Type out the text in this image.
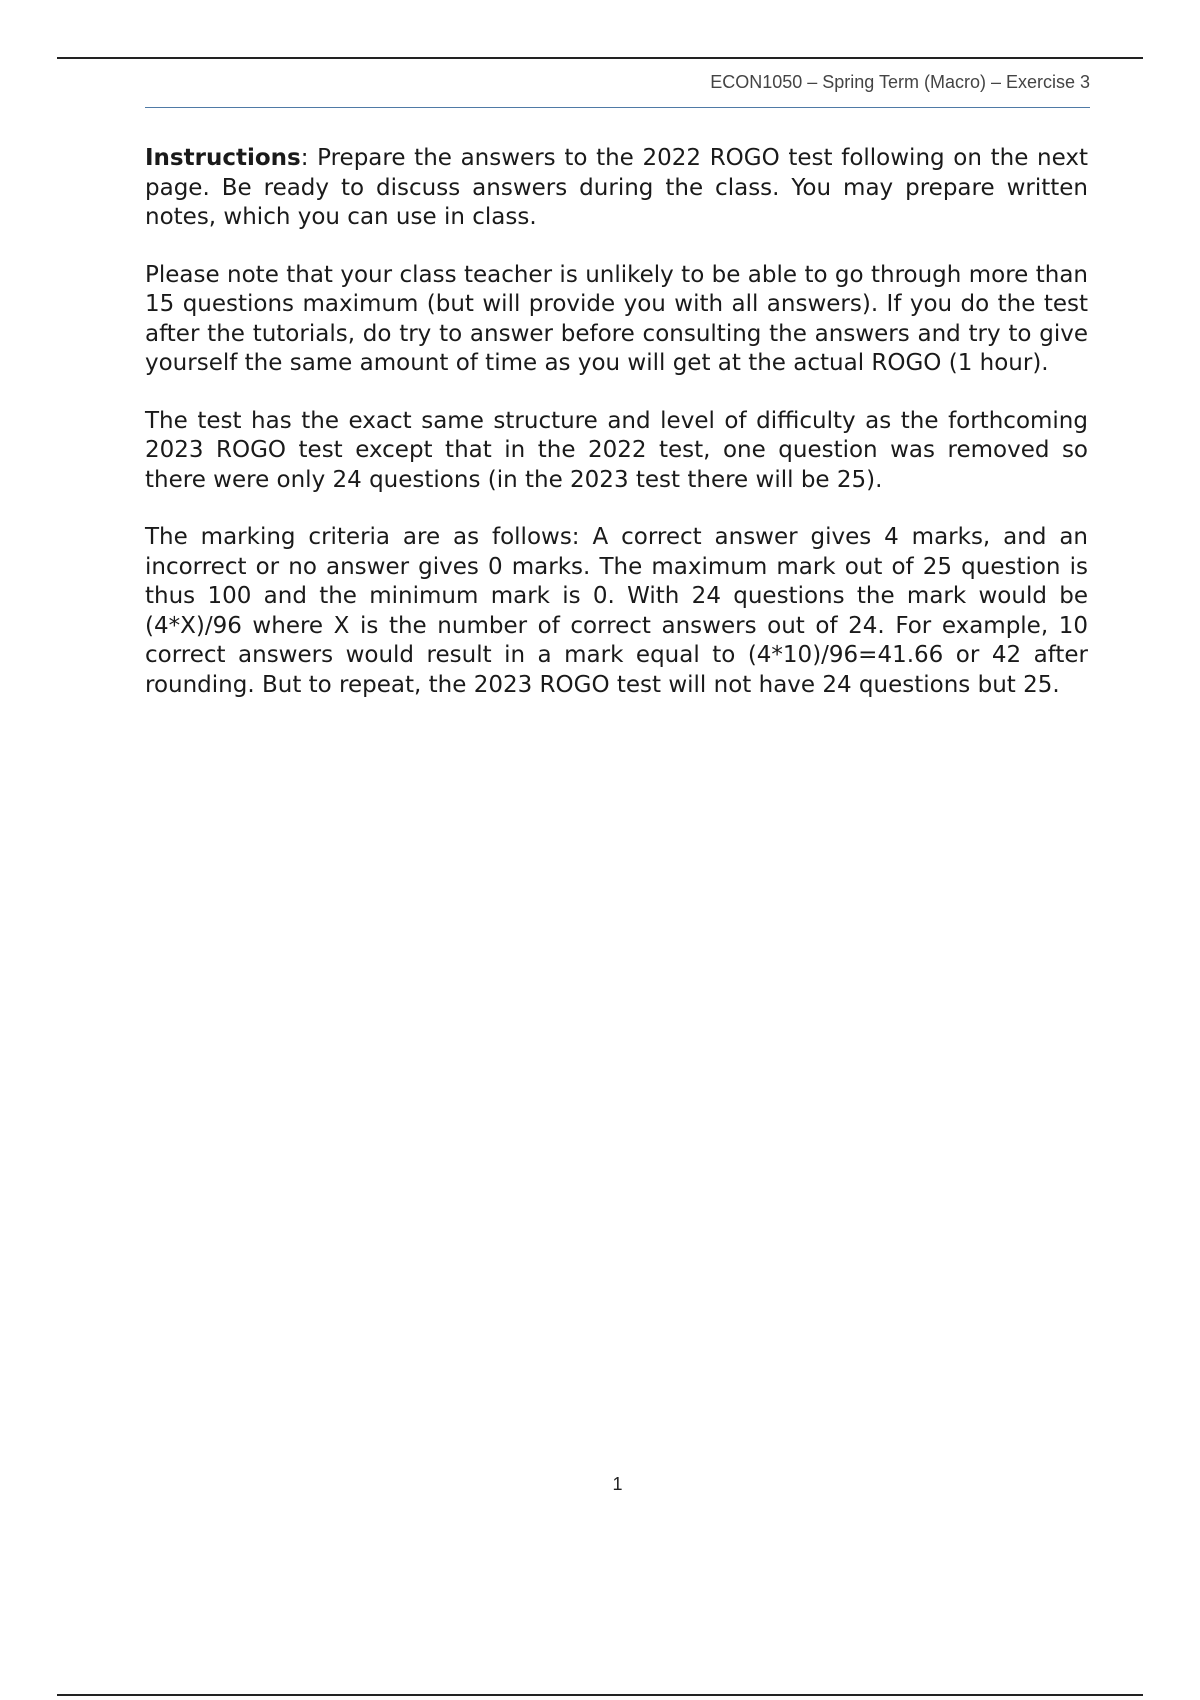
ECON1050 – Spring Term (Macro) – Exercise 3

Instructions: Prepare the answers to the 2022 ROGO test following on the next page. Be ready to discuss answers during the class. You may prepare written notes, which you can use in class.

Please note that your class teacher is unlikely to be able to go through more than 15 questions maximum (but will provide you with all answers). If you do the test after the tutorials, do try to answer before consulting the answers and try to give yourself the same amount of time as you will get at the actual ROGO (1 hour).

The test has the exact same structure and level of difficulty as the forthcoming 2023 ROGO test except that in the 2022 test, one question was removed so there were only 24 questions (in the 2023 test there will be 25).

The marking criteria are as follows: A correct answer gives 4 marks, and an incorrect or no answer gives 0 marks. The maximum mark out of 25 question is thus 100 and the minimum mark is 0. With 24 questions the mark would be (4*X)/96 where X is the number of correct answers out of 24. For example, 10 correct answers would result in a mark equal to (4*10)/96=41.66 or 42 after rounding. But to repeat, the 2023 ROGO test will not have 24 questions but 25.

1
